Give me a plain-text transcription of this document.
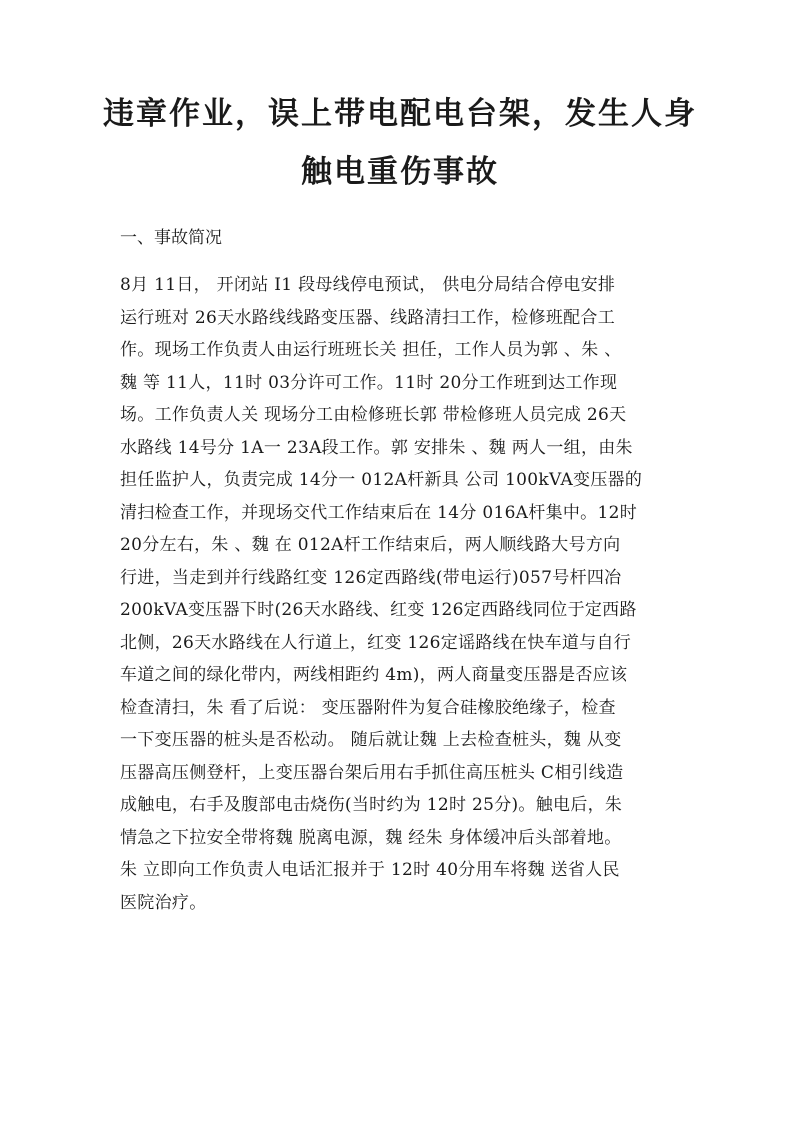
违章作业，误上带电配电台架，发生人身
触电重伤事故
一、事故简况
8月 11日， 开闭站 I1 段母线停电预试， 供电分局结合停电安排
运行班对 26天水路线线路变压器、线路清扫工作，检修班配合工
作。现场工作负责人由运行班班长关 担任，工作人员为郭 、朱 、
魏 等 11人，11时 03分许可工作。11时 20分工作班到达工作现
场。工作负责人关 现场分工由检修班长郭 带检修班人员完成 26天
水路线 14号分 1A一 23A段工作。郭 安排朱 、魏 两人一组，由朱
担任监护人，负责完成 14分一 012A杆新具 公司 100kVA变压器的
清扫检查工作，并现场交代工作结束后在 14分 016A杆集中。12时
20分左右，朱 、魏 在 012A杆工作结束后，两人顺线路大号方向
行进，当走到并行线路红变 126定西路线(带电运行)057号杆四冶
200kVA变压器下时(26天水路线、红变 126定西路线同位于定西路
北侧，26天水路线在人行道上，红变 126定谣路线在快车道与自行
车道之间的绿化带内，两线相距约 4m)，两人商量变压器是否应该
检查清扫，朱 看了后说： 变压器附件为复合硅橡胶绝缘子，检查
一下变压器的桩头是否松动。 随后就让魏 上去检查桩头，魏 从变
压器高压侧登杆，上变压器台架后用右手抓住高压桩头 C相引线造
成触电，右手及腹部电击烧伤(当时约为 12时 25分)。触电后，朱
情急之下拉安全带将魏 脱离电源，魏 经朱 身体缓冲后头部着地。
朱 立即向工作负责人电话汇报并于 12时 40分用车将魏 送省人民
医院治疗。
